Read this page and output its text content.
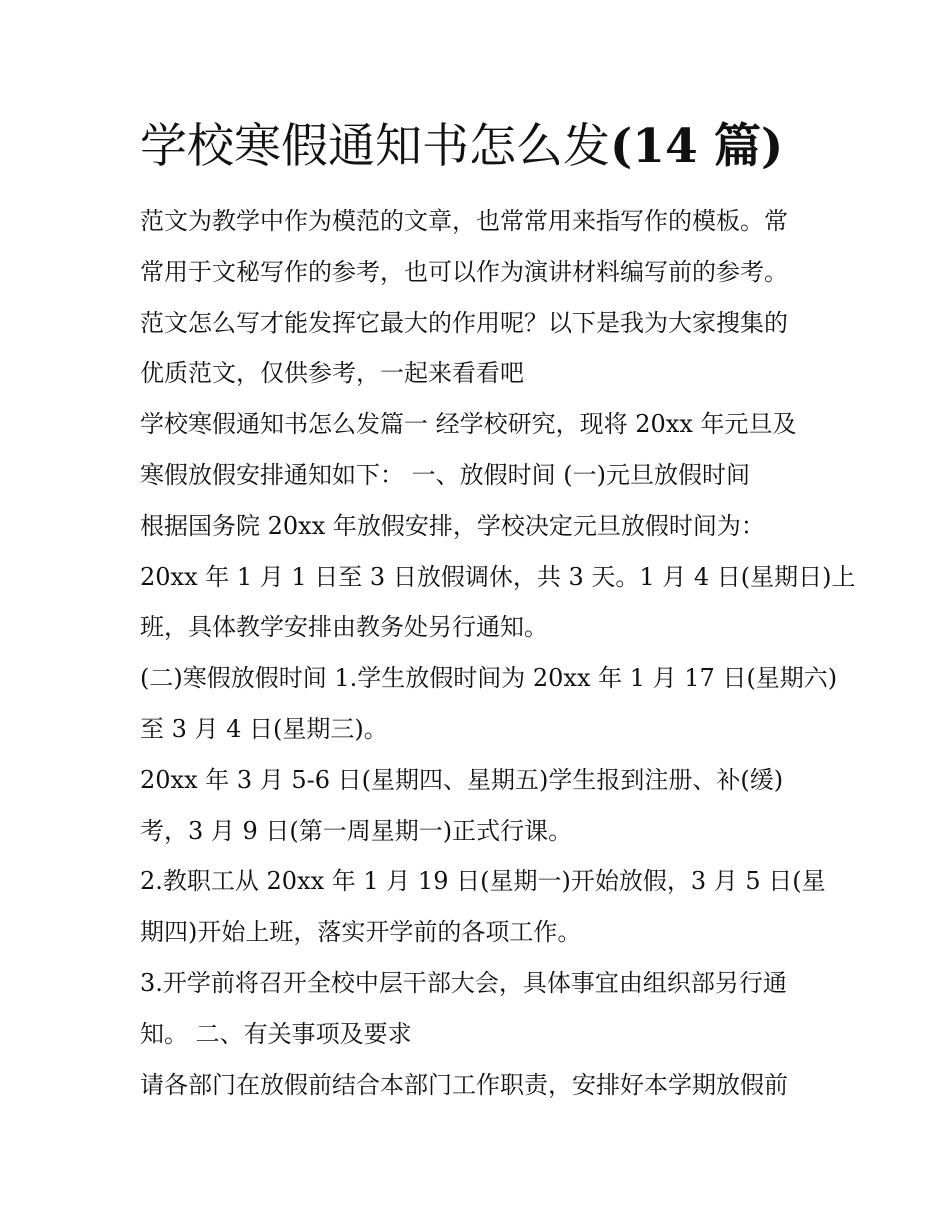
学校寒假通知书怎么发(14 篇)
范文为教学中作为模范的文章，也常常用来指写作的模板。常
常用于文秘写作的参考，也可以作为演讲材料编写前的参考。
范文怎么写才能发挥它最大的作用呢？以下是我为大家搜集的
优质范文，仅供参考，一起来看看吧
学校寒假通知书怎么发篇一 经学校研究，现将 20xx 年元旦及
寒假放假安排通知如下： 一、放假时间 (一)元旦放假时间
根据国务院 20xx 年放假安排，学校决定元旦放假时间为：
20xx 年 1 月 1 日至 3 日放假调休，共 3 天。1 月 4 日(星期日)上
班，具体教学安排由教务处另行通知。
(二)寒假放假时间 1.学生放假时间为 20xx 年 1 月 17 日(星期六)
至 3 月 4 日(星期三)。
20xx 年 3 月 5-6 日(星期四、星期五)学生报到注册、补(缓)
考，3 月 9 日(第一周星期一)正式行课。
2.教职工从 20xx 年 1 月 19 日(星期一)开始放假，3 月 5 日(星
期四)开始上班，落实开学前的各项工作。
3.开学前将召开全校中层干部大会，具体事宜由组织部另行通
知。 二、有关事项及要求
请各部门在放假前结合本部门工作职责，安排好本学期放假前
